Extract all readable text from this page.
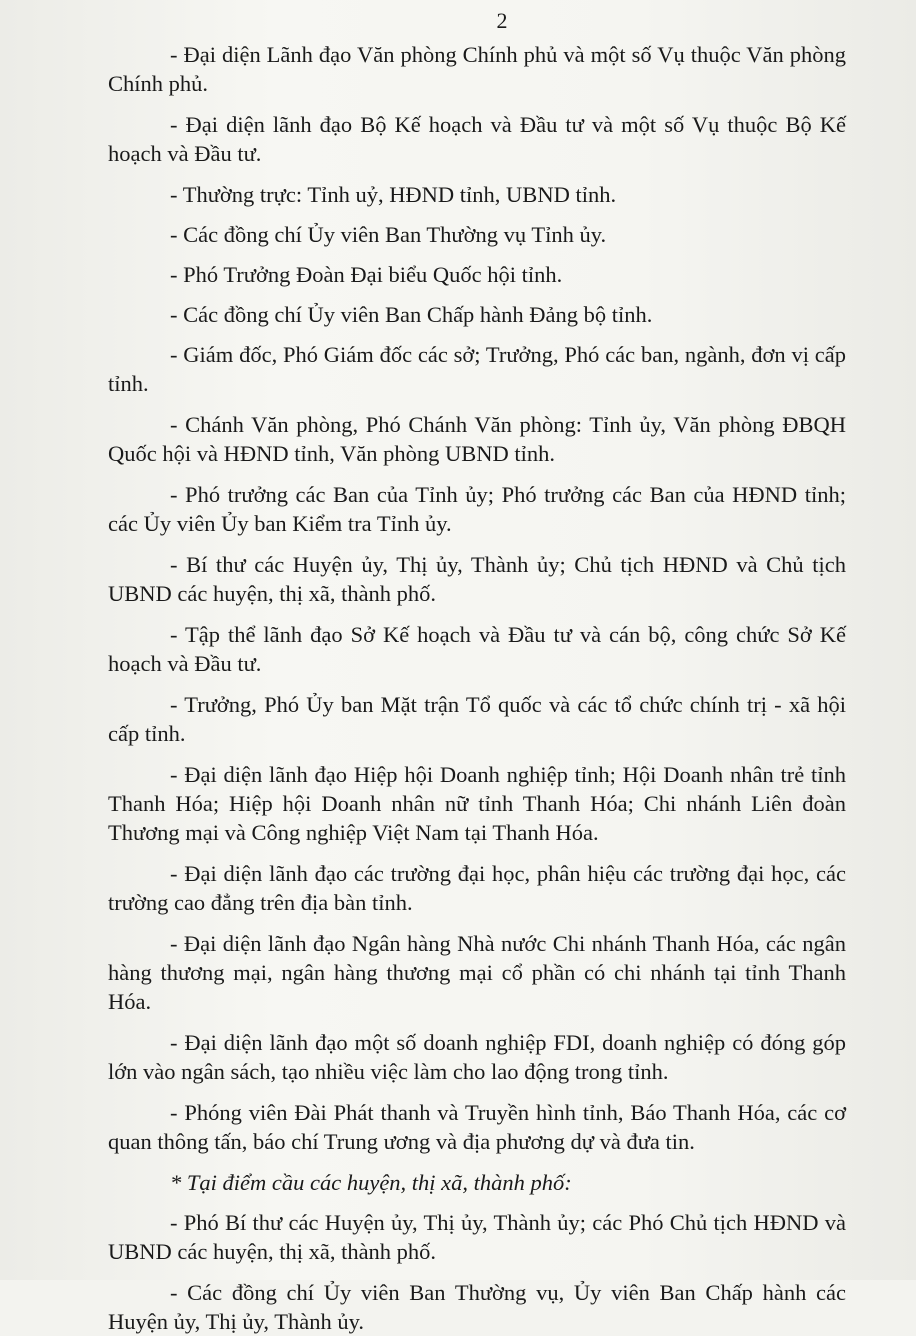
2

- Đại diện Lãnh đạo Văn phòng Chính phủ và một số Vụ thuộc Văn phòng Chính phủ.

- Đại diện lãnh đạo Bộ Kế hoạch và Đầu tư và một số Vụ thuộc Bộ Kế hoạch và Đầu tư.

- Thường trực: Tỉnh uỷ, HĐND tỉnh, UBND tỉnh.

- Các đồng chí Ủy viên Ban Thường vụ Tỉnh ủy.

- Phó Trưởng Đoàn Đại biểu Quốc hội tỉnh.

- Các đồng chí Ủy viên Ban Chấp hành Đảng bộ tỉnh.

- Giám đốc, Phó Giám đốc các sở; Trưởng, Phó các ban, ngành, đơn vị cấp tỉnh.

- Chánh Văn phòng, Phó Chánh Văn phòng: Tỉnh ủy, Văn phòng ĐBQH Quốc hội và HĐND tỉnh, Văn phòng UBND tỉnh.

- Phó trưởng các Ban của Tỉnh ủy; Phó trưởng các Ban của HĐND tỉnh; các Ủy viên Ủy ban Kiểm tra Tỉnh ủy.

- Bí thư các Huyện ủy, Thị ủy, Thành ủy; Chủ tịch HĐND và Chủ tịch UBND các huyện, thị xã, thành phố.

- Tập thể lãnh đạo Sở Kế hoạch và Đầu tư và cán bộ, công chức Sở Kế hoạch và Đầu tư.

- Trưởng, Phó Ủy ban Mặt trận Tổ quốc và các tổ chức chính trị - xã hội cấp tỉnh.

- Đại diện lãnh đạo Hiệp hội Doanh nghiệp tỉnh; Hội Doanh nhân trẻ tỉnh Thanh Hóa; Hiệp hội Doanh nhân nữ tỉnh Thanh Hóa; Chi nhánh Liên đoàn Thương mại và Công nghiệp Việt Nam tại Thanh Hóa.

- Đại diện lãnh đạo các trường đại học, phân hiệu các trường đại học, các trường cao đẳng trên địa bàn tỉnh.

- Đại diện lãnh đạo Ngân hàng Nhà nước Chi nhánh Thanh Hóa, các ngân hàng thương mại, ngân hàng thương mại cổ phần có chi nhánh tại tỉnh Thanh Hóa.

- Đại diện lãnh đạo một số doanh nghiệp FDI, doanh nghiệp có đóng góp lớn vào ngân sách, tạo nhiều việc làm cho lao động trong tỉnh.

- Phóng viên Đài Phát thanh và Truyền hình tỉnh, Báo Thanh Hóa, các cơ quan thông tấn, báo chí Trung ương và địa phương dự và đưa tin.

* Tại điểm cầu các huyện, thị xã, thành phố:

- Phó Bí thư các Huyện ủy, Thị ủy, Thành ủy; các Phó Chủ tịch HĐND và UBND các huyện, thị xã, thành phố.

- Các đồng chí Ủy viên Ban Thường vụ, Ủy viên Ban Chấp hành các Huyện ủy, Thị ủy, Thành ủy.
